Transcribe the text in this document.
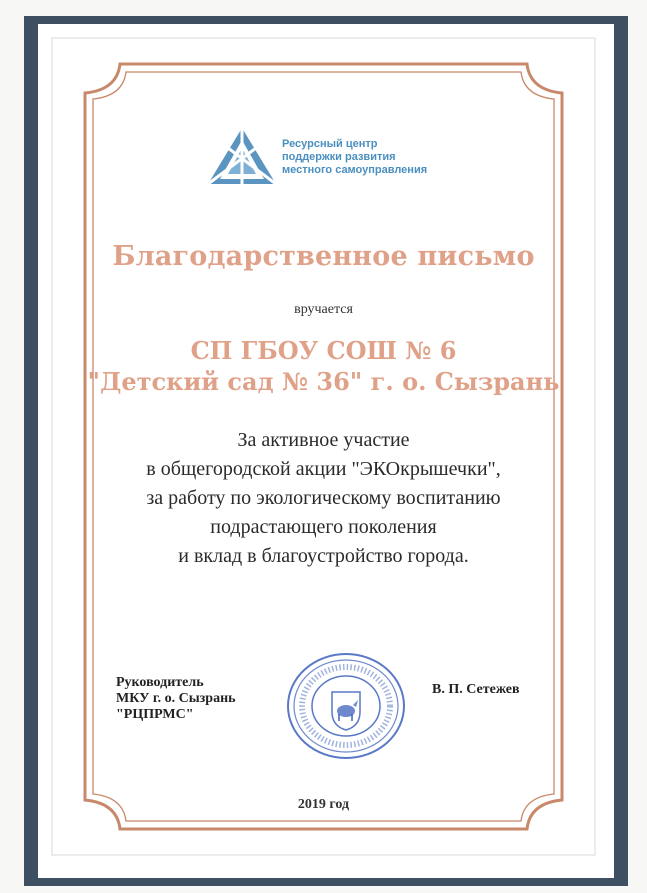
Ресурсный центр
поддержки развития
местного самоуправления
Благодарственное письмо
вручается
СП ГБОУ СОШ № 6
"Детский сад № 36" г. о. Сызрань
За активное участие
в общегородской акции "ЭКОкрышечки",
за работу по экологическому воспитанию
подрастающего поколения
и вклад в благоустройство города.
Руководитель
МКУ г. о. Сызрань
"РЦПРМС"
В. П. Сетежев
2019 год
